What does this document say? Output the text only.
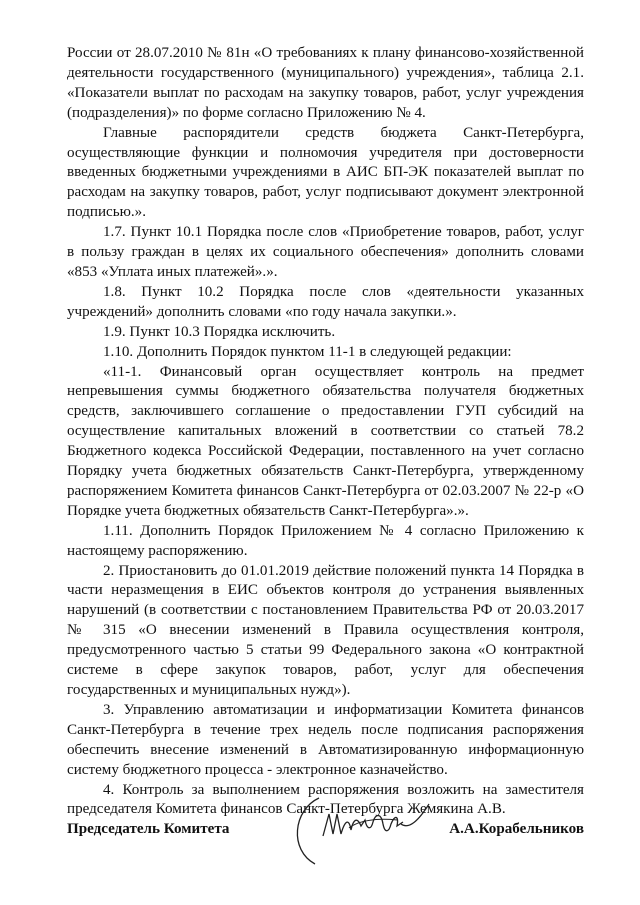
России от 28.07.2010 № 81н «О требованиях к плану финансово-хозяйственной деятельности государственного (муниципального) учреждения», таблица 2.1. «Показатели выплат по расходам на закупку товаров, работ, услуг учреждения (подразделения)» по форме согласно Приложению № 4.

Главные распорядители средств бюджета Санкт-Петербурга, осуществляющие функции и полномочия учредителя при достоверности введенных бюджетными учреждениями в АИС БП-ЭК показателей выплат по расходам на закупку товаров, работ, услуг подписывают документ электронной подписью.».

1.7. Пункт 10.1 Порядка после слов «Приобретение товаров, работ, услуг в пользу граждан в целях их социального обеспечения» дополнить словами «853 «Уплата иных платежей».».

1.8. Пункт 10.2 Порядка после слов «деятельности указанных учреждений» дополнить словами «по году начала закупки.».

1.9. Пункт 10.3 Порядка исключить.

1.10. Дополнить Порядок пунктом 11-1 в следующей редакции:

«11-1. Финансовый орган осуществляет контроль на предмет непревышения суммы бюджетного обязательства получателя бюджетных средств, заключившего соглашение о предоставлении ГУП субсидий на осуществление капитальных вложений в соответствии со статьей 78.2 Бюджетного кодекса Российской Федерации, поставленного на учет согласно Порядку учета бюджетных обязательств Санкт-Петербурга, утвержденному распоряжением Комитета финансов Санкт-Петербурга от 02.03.2007 № 22-р «О Порядке учета бюджетных обязательств Санкт-Петербурга».».

1.11. Дополнить Порядок Приложением № 4 согласно Приложению к настоящему распоряжению.

2. Приостановить до 01.01.2019 действие положений пункта 14 Порядка в части неразмещения в ЕИС объектов контроля до устранения выявленных нарушений (в соответствии с постановлением Правительства РФ от 20.03.2017 № 315 «О внесении изменений в Правила осуществления контроля, предусмотренного частью 5 статьи 99 Федерального закона «О контрактной системе в сфере закупок товаров, работ, услуг для обеспечения государственных и муниципальных нужд»).

3. Управлению автоматизации и информатизации Комитета финансов Санкт-Петербурга в течение трех недель после подписания распоряжения обеспечить внесение изменений в Автоматизированную информационную систему бюджетного процесса - электронное казначейство.

4. Контроль за выполнением распоряжения возложить на заместителя председателя Комитета финансов Санкт-Петербурга Жемякина А.В.

Председатель Комитета	А.А.Корабельников
